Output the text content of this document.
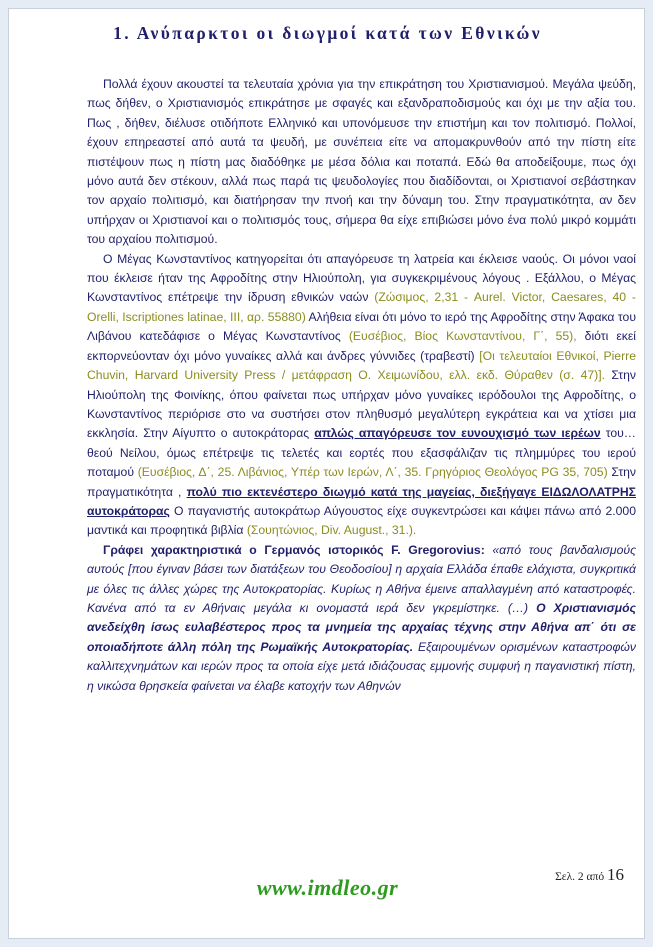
1. Ανύπαρκτοι οι διωγμοί κατά των Εθνικών

Πολλά έχουν ακουστεί τα τελευταία χρόνια για την επικράτηση του Χριστιανισμού. Μεγάλα ψεύδη, πως δήθεν, ο Χριστιανισμός επικράτησε με σφαγές και εξανδραποδισμούς και όχι με την αξία του. Πως , δήθεν, διέλυσε οτιδήποτε Ελληνικό και υπονόμευσε την επιστήμη και τον πολιτισμό. Πολλοί, έχουν επηρεαστεί από αυτά τα ψευδή, με συνέπεια είτε να απομακρυνθούν από την πίστη είτε πιστέψουν πως η πίστη μας διαδόθηκε με μέσα δόλια και ποταπά. Εδώ θα αποδείξουμε, πως όχι μόνο αυτά δεν στέκουν, αλλά πως παρά τις ψευδολογίες που διαδίδονται, οι Χριστιανοί σεβάστηκαν τον αρχαίο πολιτισμό, και διατήρησαν την πνοή και την δύναμη του. Στην πραγματικότητα, αν δεν υπήρχαν οι Χριστιανοί και ο πολιτισμός τους, σήμερα θα είχε επιβιώσει μόνο ένα πολύ μικρό κομμάτι του αρχαίου πολιτισμού.

Ο Μέγας Κωνσταντίνος κατηγορείται ότι απαγόρευσε τη λατρεία και έκλεισε ναούς. Οι μόνοι ναοί που έκλεισε ήταν της Αφροδίτης στην Ηλιούπολη, για συγκεκριμένους λόγους . Εξάλλου, ο Μέγας Κωνσταντίνος επέτρεψε την ίδρυση εθνικών ναών (Ζώσιμος, 2,31 - Aurel. Victor, Caesares, 40 - Orelli, Iscriptiones latinae, III, αρ. 55880) Αλήθεια είναι ότι μόνο το ιερό της Αφροδίτης στην Άφακα του Λιβάνου κατεδάφισε ο Μέγας Κωνσταντίνος (Ευσέβιος, Βίος Κωνσταντίνου, Γ΄, 55), διότι εκεί εκπορνεύονταν όχι μόνο γυναίκες αλλά και άνδρες γύννιδες (τραβεστί) [Οι τελευταίοι Εθνικοί, Pierre Chuvin, Harvard University Press / μετάφραση Ο. Χειμωνίδου, ελλ. εκδ. Θύραθεν (σ. 47)]. Στην Ηλιούπολη της Φοινίκης, όπου φαίνεται πως υπήρχαν μόνο γυναίκες ιερόδουλοι της Αφροδίτης, ο Κωνσταντίνος περιόρισε στο να συστήσει στον πληθυσμό μεγαλύτερη εγκράτεια και να χτίσει μια εκκλησία. Στην Αίγυπτο ο αυτοκράτορας απλώς απαγόρευσε τον ευνουχισμό των ιερέων του… θεού Νείλου, όμως επέτρεψε τις τελετές και εορτές που εξασφάλιζαν τις πλημμύρες του ιερού ποταμού (Ευσέβιος, Δ΄, 25. Λιβάνιος, Υπέρ των Ιερών, Λ΄, 35. Γρηγόριος Θεολόγος PG 35, 705) Στην πραγματικότητα , πολύ πιο εκτενέστερο διωγμό κατά της μαγείας, διεξήγαγε ΕΙΔΩΛΟΛΑΤΡΗΣ αυτοκράτορας Ο παγανιστής αυτοκράτωρ Αύγουστος είχε συγκεντρώσει και κάψει πάνω από 2.000 μαντικά και προφητικά βιβλία (Σουητώνιος, Div. August., 31.).

Γράφει χαρακτηριστικά ο Γερμανός ιστορικός F. Gregorovius: «από τους βανδαλισμούς αυτούς [που έγιναν βάσει των διατάξεων του Θεοδοσίου] η αρχαία Ελλάδα έπαθε ελάχιστα, συγκριτικά με όλες τις άλλες χώρες της Αυτοκρατορίας. Κυρίως η Αθήνα έμεινε απαλλαγμένη από καταστροφές. Κανένα από τα εν Αθήναις μεγάλα κι ονομαστά ιερά δεν γκρεμίστηκε. (…) Ο Χριστιανισμός ανεδείχθη ίσως ευλαβέστερος προς τα μνημεία της αρχαίας τέχνης στην Αθήνα απ΄ ότι σε οποιαδήποτε άλλη πόλη της Ρωμαϊκής Αυτοκρατορίας. Εξαιρουμένων ορισμένων καταστροφών καλλιτεχνημάτων και ιερών προς τα οποία είχε μετά ιδιάζουσας εμμονής συμφυή η παγανιστική πίστη, η νικώσα θρησκεία φαίνεται να έλαβε κατοχήν των Αθηνών

Σελ. 2 από 16
www.imdleo.gr
